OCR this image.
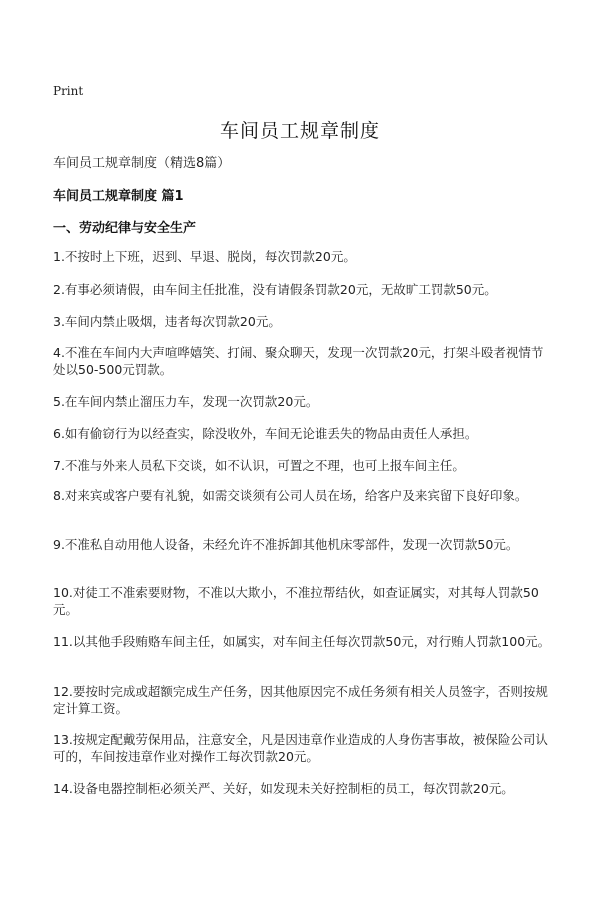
Print
车间员工规章制度
车间员工规章制度（精选8篇）
车间员工规章制度 篇1
一、劳动纪律与安全生产

1.不按时上下班，迟到、早退、脱岗，每次罚款20元。

2.有事必须请假，由车间主任批准，没有请假条罚款20元，无故旷工罚款50元。

3.车间内禁止吸烟，违者每次罚款20元。

4.不准在车间内大声喧哗嬉笑、打闹、聚众聊天，发现一次罚款20元，打架斗殴者视情节处以50-500元罚款。

5.在车间内禁止溜压力车，发现一次罚款20元。

6.如有偷窃行为以经查实，除没收外，车间无论谁丢失的物品由责任人承担。

7.不准与外来人员私下交谈，如不认识，可置之不理，也可上报车间主任。

8.对来宾或客户要有礼貌，如需交谈须有公司人员在场，给客户及来宾留下良好印象。

9.不准私自动用他人设备，未经允许不准拆卸其他机床零部件，发现一次罚款50元。

10.对徒工不准索要财物，不准以大欺小，不准拉帮结伙，如查证属实，对其每人罚款50元。

11.以其他手段贿赂车间主任，如属实，对车间主任每次罚款50元，对行贿人罚款100元。

12.要按时完成或超额完成生产任务，因其他原因完不成任务须有相关人员签字，否则按规定计算工资。

13.按规定配戴劳保用品，注意安全，凡是因违章作业造成的人身伤害事故，被保险公司认可的，车间按违章作业对操作工每次罚款20元。

14.设备电器控制柜必须关严、关好，如发现未关好控制柜的员工，每次罚款20元。
